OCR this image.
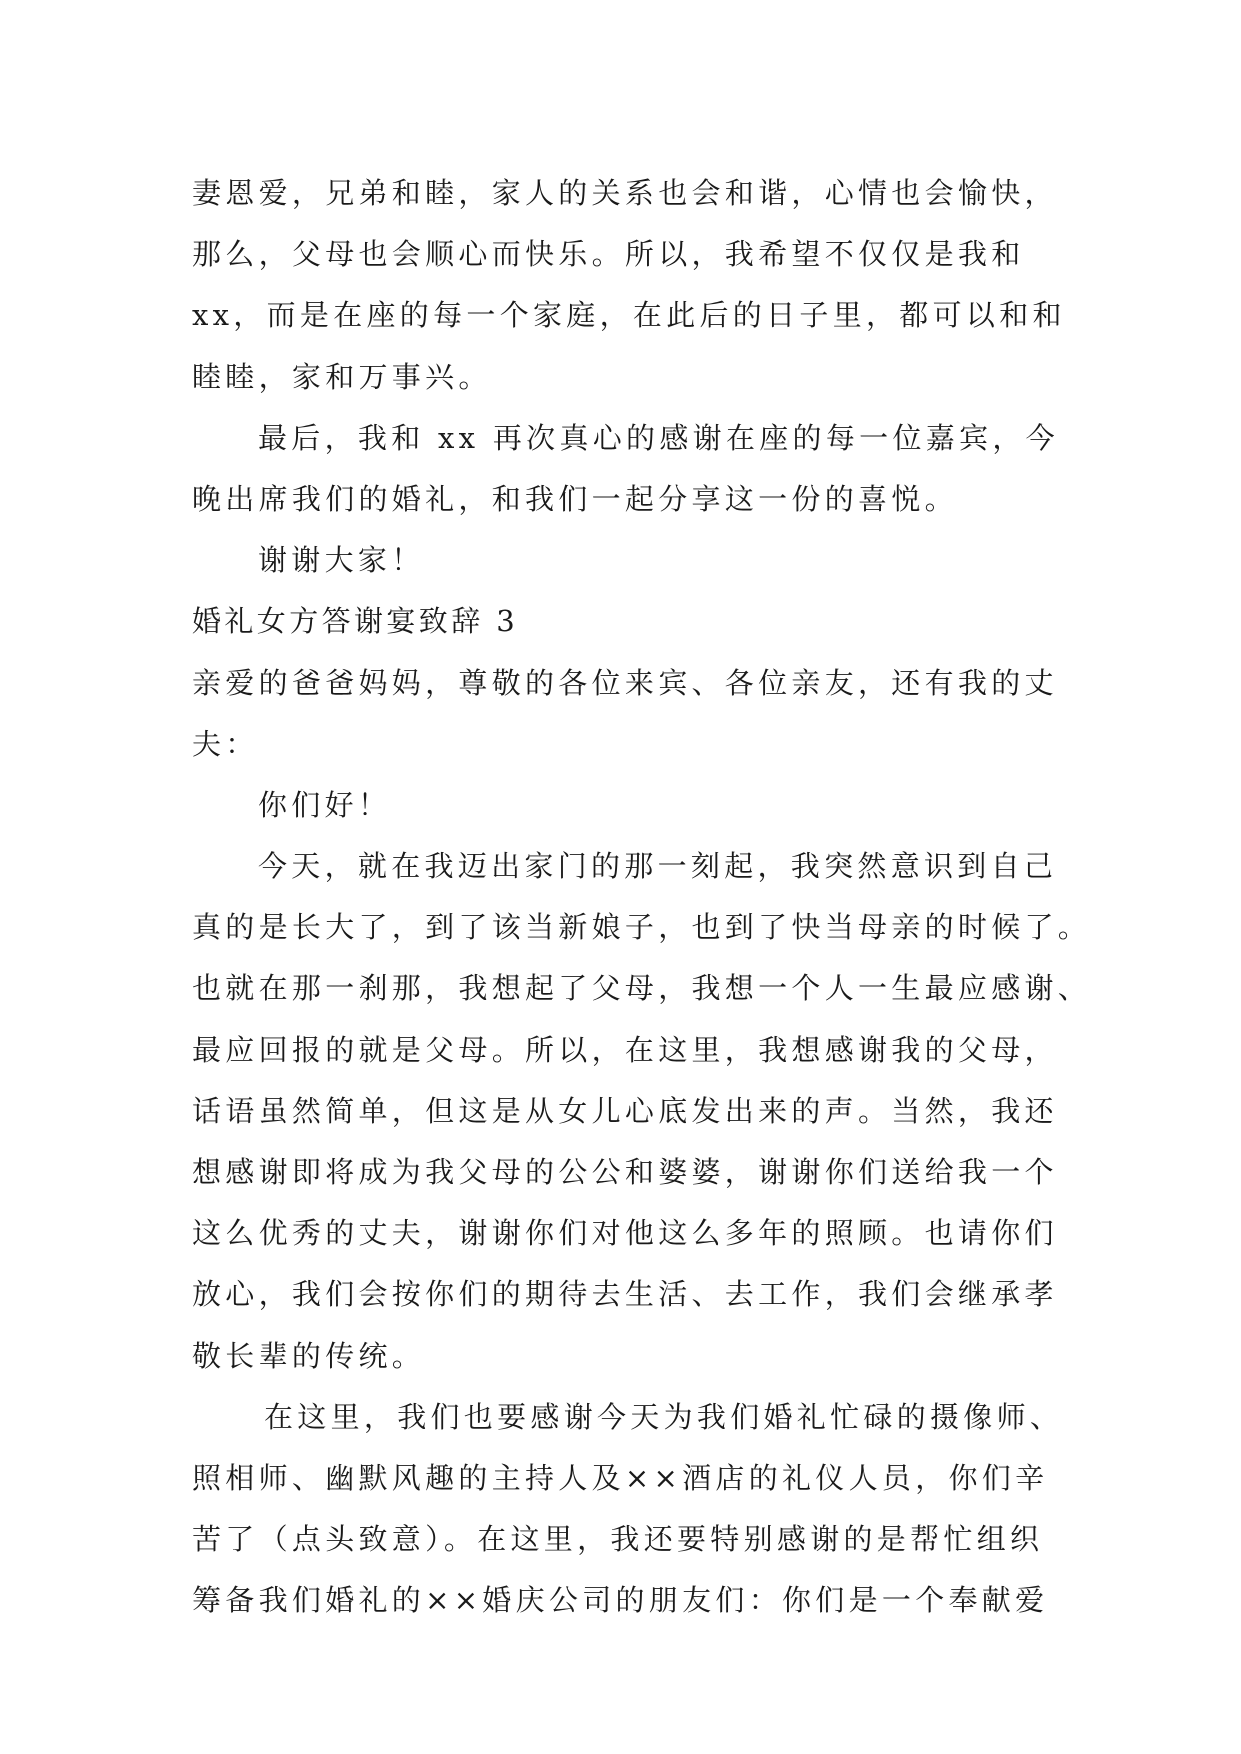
妻恩爱，兄弟和睦，家人的关系也会和谐，心情也会愉快，
那么，父母也会顺心而快乐。所以，我希望不仅仅是我和
xx，而是在座的每一个家庭，在此后的日子里，都可以和和
睦睦，家和万事兴。
最后，我和 xx 再次真心的感谢在座的每一位嘉宾，今
晚出席我们的婚礼，和我们一起分享这一份的喜悦。
谢谢大家！
婚礼女方答谢宴致辞 3
亲爱的爸爸妈妈，尊敬的各位来宾、各位亲友，还有我的丈
夫：
你们好！
今天，就在我迈出家门的那一刻起，我突然意识到自己
真的是长大了，到了该当新娘子，也到了快当母亲的时候了。
也就在那一刹那，我想起了父母，我想一个人一生最应感谢、
最应回报的就是父母。所以，在这里，我想感谢我的父母，
话语虽然简单，但这是从女儿心底发出来的声。当然，我还
想感谢即将成为我父母的公公和婆婆，谢谢你们送给我一个
这么优秀的丈夫，谢谢你们对他这么多年的照顾。也请你们
放心，我们会按你们的期待去生活、去工作，我们会继承孝
敬长辈的传统。
在这里，我们也要感谢今天为我们婚礼忙碌的摄像师、
照相师、幽默风趣的主持人及××酒店的礼仪人员，你们辛
苦了（点头致意）。在这里，我还要特别感谢的是帮忙组织
筹备我们婚礼的××婚庆公司的朋友们：你们是一个奉献爱
